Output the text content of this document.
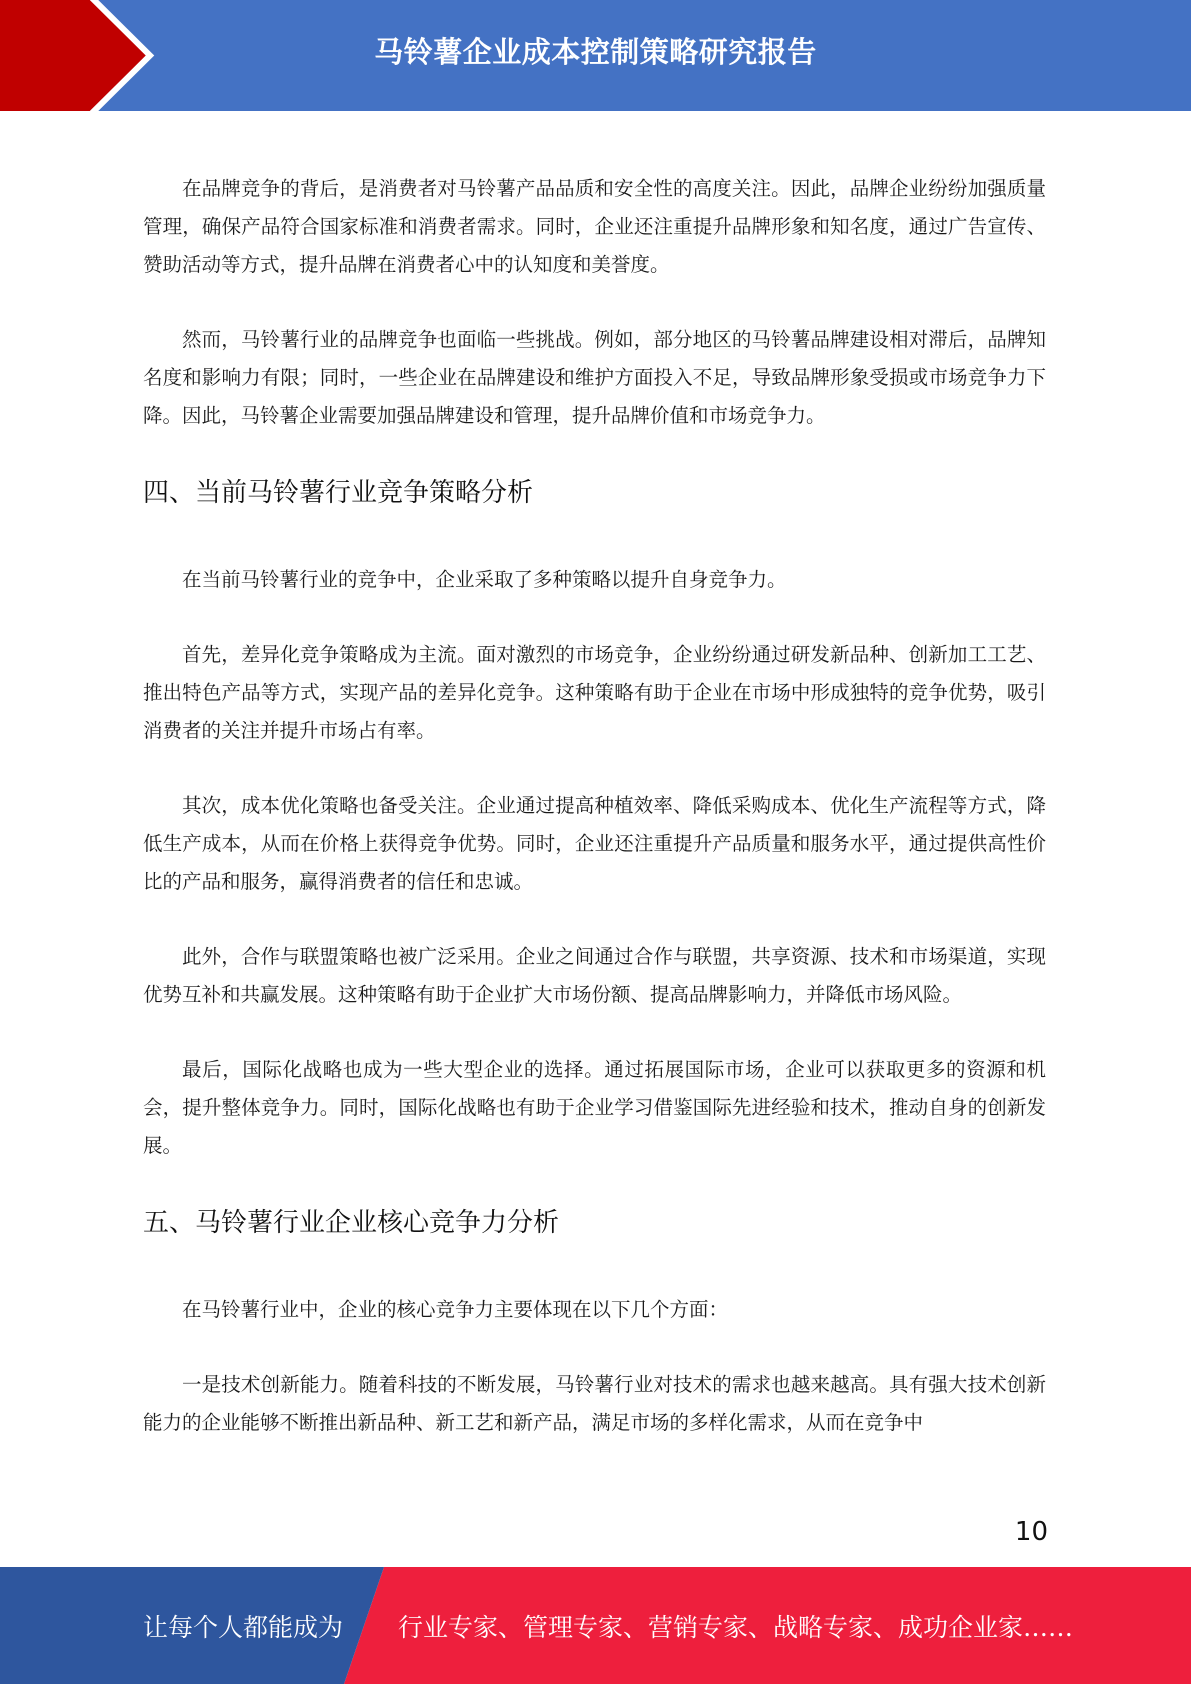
马铃薯企业成本控制策略研究报告

在品牌竞争的背后，是消费者对马铃薯产品品质和安全性的高度关注。因此，品牌企业纷纷加强质量管理，确保产品符合国家标准和消费者需求。同时，企业还注重提升品牌形象和知名度，通过广告宣传、赞助活动等方式，提升品牌在消费者心中的认知度和美誉度。

然而，马铃薯行业的品牌竞争也面临一些挑战。例如，部分地区的马铃薯品牌建设相对滞后，品牌知名度和影响力有限；同时，一些企业在品牌建设和维护方面投入不足，导致品牌形象受损或市场竞争力下降。因此，马铃薯企业需要加强品牌建设和管理，提升品牌价值和市场竞争力。

四、当前马铃薯行业竞争策略分析

在当前马铃薯行业的竞争中，企业采取了多种策略以提升自身竞争力。

首先，差异化竞争策略成为主流。面对激烈的市场竞争，企业纷纷通过研发新品种、创新加工工艺、推出特色产品等方式，实现产品的差异化竞争。这种策略有助于企业在市场中形成独特的竞争优势，吸引消费者的关注并提升市场占有率。

其次，成本优化策略也备受关注。企业通过提高种植效率、降低采购成本、优化生产流程等方式，降低生产成本，从而在价格上获得竞争优势。同时，企业还注重提升产品质量和服务水平，通过提供高性价比的产品和服务，赢得消费者的信任和忠诚。

此外，合作与联盟策略也被广泛采用。企业之间通过合作与联盟，共享资源、技术和市场渠道，实现优势互补和共赢发展。这种策略有助于企业扩大市场份额、提高品牌影响力，并降低市场风险。

最后，国际化战略也成为一些大型企业的选择。通过拓展国际市场，企业可以获取更多的资源和机会，提升整体竞争力。同时，国际化战略也有助于企业学习借鉴国际先进经验和技术，推动自身的创新发展。

五、马铃薯行业企业核心竞争力分析

在马铃薯行业中，企业的核心竞争力主要体现在以下几个方面：

一是技术创新能力。随着科技的不断发展，马铃薯行业对技术的需求也越来越高。具有强大技术创新能力的企业能够不断推出新品种、新工艺和新产品，满足市场的多样化需求，从而在竞争中

10
让每个人都能成为 行业专家、管理专家、营销专家、战略专家、成功企业家……
